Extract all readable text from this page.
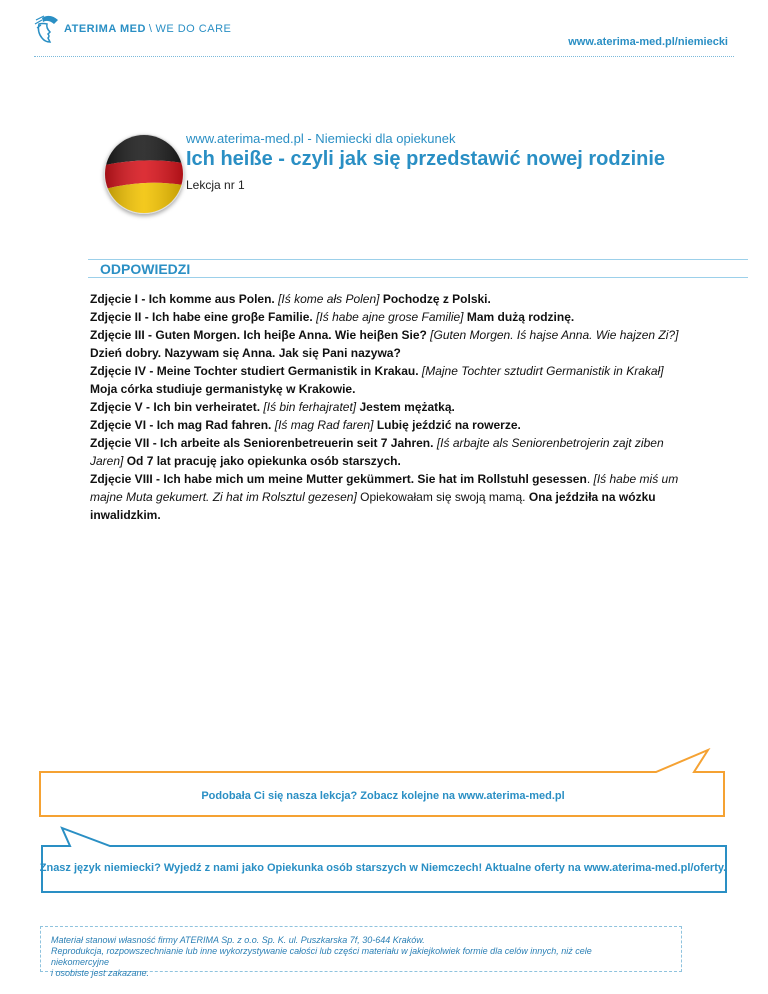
ATERIMA MED \ WE DO CARE
www.aterima-med.pl/niemiecki
www.aterima-med.pl - Niemiecki dla opiekunek
Ich heiße - czyli jak się przedstawić nowej rodzinie
Lekcja nr 1
ODPOWIEDZI

Zdjęcie I - Ich komme aus Polen. [Iś kome ałs Polen] Pochodzę z Polski.

Zdjęcie II - Ich habe eine groβe Familie. [Iś habe ajne grose Familie] Mam dużą rodzinę.

Zdjęcie III - Guten Morgen. Ich heiβe Anna. Wie heiβen Sie? [Guten Morgen. Iś hajse Anna. Wie hajzen Zi?] Dzień dobry. Nazywam się Anna. Jak się Pani nazywa?

Zdjęcie IV - Meine Tochter studiert Germanistik in Krakau. [Majne Tochter sztudirt Germanistik in Krakał] Moja córka studiuje germanistykę w Krakowie.

Zdjęcie V - Ich bin verheiratet. [Iś bin ferhajratet] Jestem mężatką.

Zdjęcie VI - Ich mag Rad fahren. [Iś mag Rad faren] Lubię jeździć na rowerze.

Zdjęcie VII - Ich arbeite als Seniorenbetreuerin seit 7 Jahren. [Iś arbajte als Seniorenbetrojerin zajt ziben Jaren] Od 7 lat pracuję jako opiekunka osób starszych.

Zdjęcie VIII - Ich habe mich um meine Mutter gekümmert. Sie hat im Rollstuhl gesessen. [Iś habe miś um majne Muta gekumert. Zi hat im Rolsztul gezesen] Opiekowałam się swoją mamą. Ona jeździła na wózku inwalidzkim.

Podobała Ci się nasza lekcja? Zobacz kolejne na www.aterima-med.pl
Znasz język niemiecki? Wyjedź z nami jako Opiekunka osób starszych w Niemczech! Aktualne oferty na www.aterima-med.pl/oferty.

Materiał stanowi własność firmy ATERIMA Sp. z o.o. Sp. K. ul. Puszkarska 7f, 30-644 Kraków.

Reprodukcja, rozpowszechnianie lub inne wykorzystywanie całości lub części materiału w jakiejkolwiek formie dla celów innych, niż cele niekomercyjne

i osobiste jest zakazane.
